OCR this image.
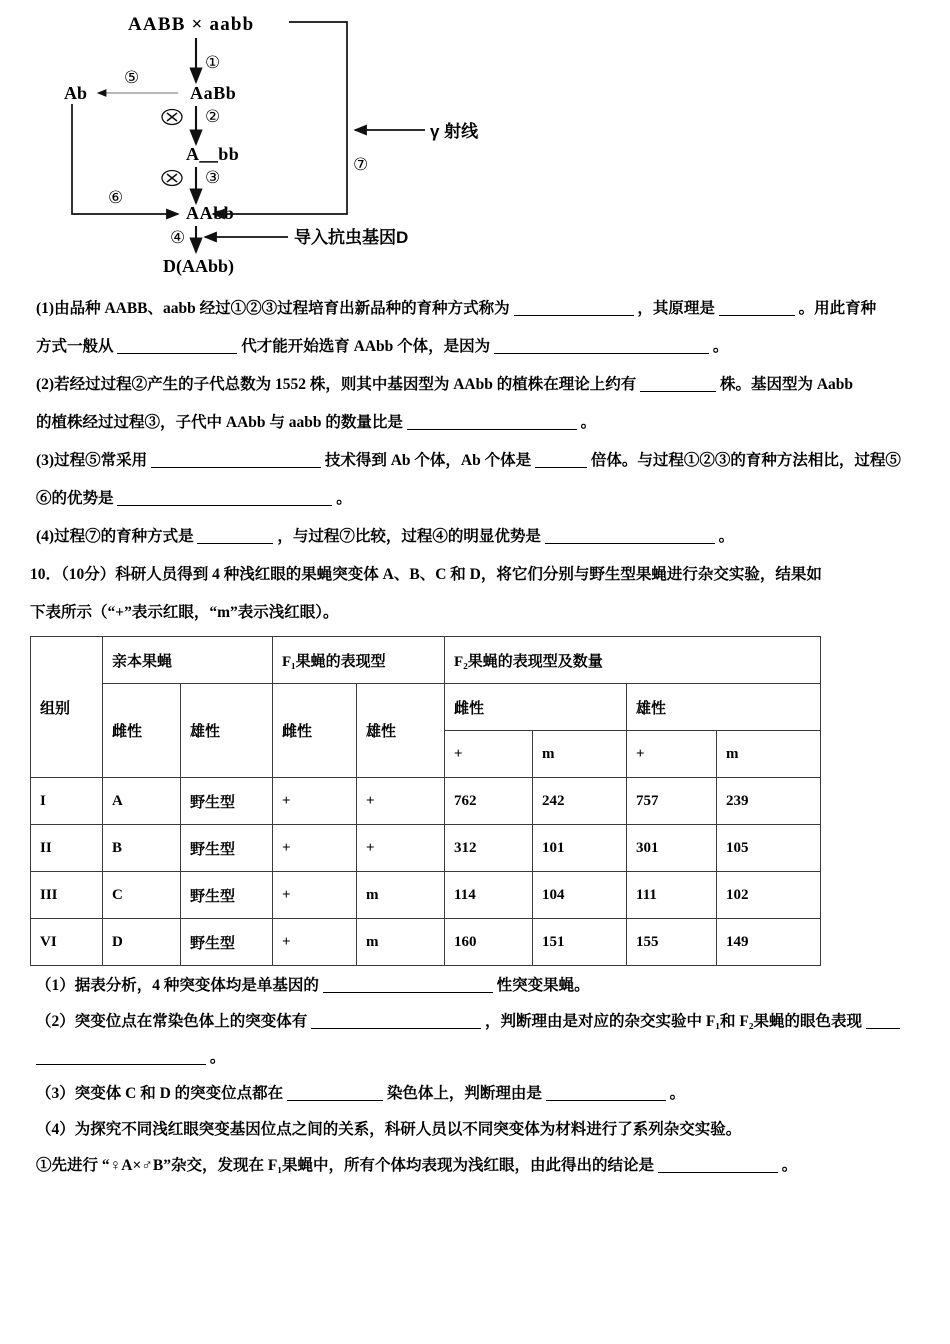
AABB × aabb
①
AaBb
②
A＿bb
③
AAbb
④
D(AAbb)
导入抗虫基因D
Ab
⑤
⑥
⑦
γ 射线
(1)由品种 AABB、aabb 经过①②③过程培育出新品种的育种方式称为	，其原理是	。用此育种
方式一般从	代才能开始选育 AAbb 个体，是因为	。
(2)若经过过程②产生的子代总数为 1552 株，则其中基因型为 AAbb 的植株在理论上约有	株。基因型为 Aabb
的植株经过过程③，子代中 AAbb 与 aabb 的数量比是	。
(3)过程⑤常采用	技术得到 Ab 个体，Ab 个体是	倍体。与过程①②③的育种方法相比，过程⑤
⑥的优势是	。
(4)过程⑦的育种方式是	，与过程⑦比较，过程④的明显优势是	。
10．（10分）科研人员得到 4 种浅红眼的果蝇突变体 A、B、C 和 D，将它们分别与野生型果蝇进行杂交实验，结果如
下表所示（“+”表示红眼，“m”表示浅红眼）。
组别	亲本果蝇		F₁果蝇的表现型		F₂果蝇的表现型及数量			
	雌性	雄性	雌性	雄性	雌性		雄性	
					+	m	+	m
I	A	野生型	+	+	762	242	757	239
II	B	野生型	+	+	312	101	301	105
III	C	野生型	+	m	114	104	111	102
VI	D	野生型	+	m	160	151	155	149
（1）据表分析，4 种突变体均是单基因的	性突变果蝇。
（2）突变位点在常染色体上的突变体有	，判断理由是对应的杂交实验中 F₁和 F₂果蝇的眼色表现
。
（3）突变体 C 和 D 的突变位点都在	染色体上，判断理由是	。
（4）为探究不同浅红眼突变基因位点之间的关系，科研人员以不同突变体为材料进行了系列杂交实验。
①先进行 “♀A×♂B”杂交，发现在 F₁果蝇中，所有个体均表现为浅红眼，由此得出的结论是	。
